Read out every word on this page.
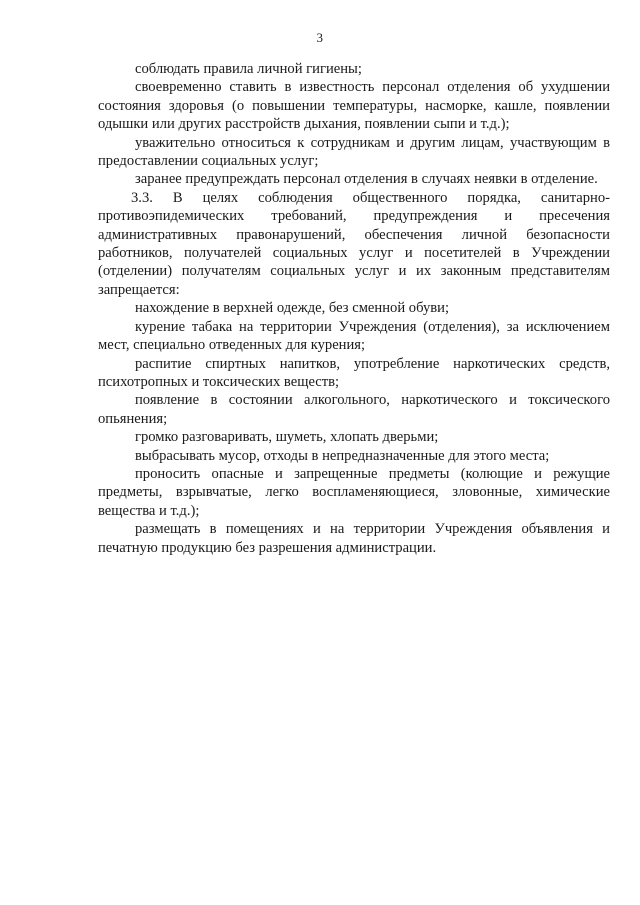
3

соблюдать правила личной гигиены;

своевременно ставить в известность персонал отделения об ухудшении состояния здоровья (о повышении температуры, насморке, кашле, появлении одышки или других расстройств дыхания, появлении сыпи и т.д.);

уважительно относиться к сотрудникам и другим лицам, участвующим в предоставлении социальных услуг;

заранее предупреждать персонал отделения в случаях неявки в отделение.

3.3. В целях соблюдения общественного порядка, санитарно-противоэпидемических требований, предупреждения и пресечения административных правонарушений, обеспечения личной безопасности работников, получателей социальных услуг и посетителей в Учреждении (отделении) получателям социальных услуг и их законным представителям запрещается:

нахождение в верхней одежде, без сменной обуви;

курение табака на территории Учреждения (отделения), за исключением мест, специально отведенных для курения;

распитие спиртных напитков, употребление наркотических средств, психотропных и токсических веществ;

появление в состоянии алкогольного, наркотического и токсического опьянения;

громко разговаривать, шуметь, хлопать дверьми;

выбрасывать мусор, отходы в непредназначенные для этого места;

проносить опасные и запрещенные предметы (колющие и режущие предметы, взрывчатые, легко воспламеняющиеся, зловонные, химические вещества и т.д.);

размещать в помещениях и на территории Учреждения объявления и печатную продукцию без разрешения администрации.
